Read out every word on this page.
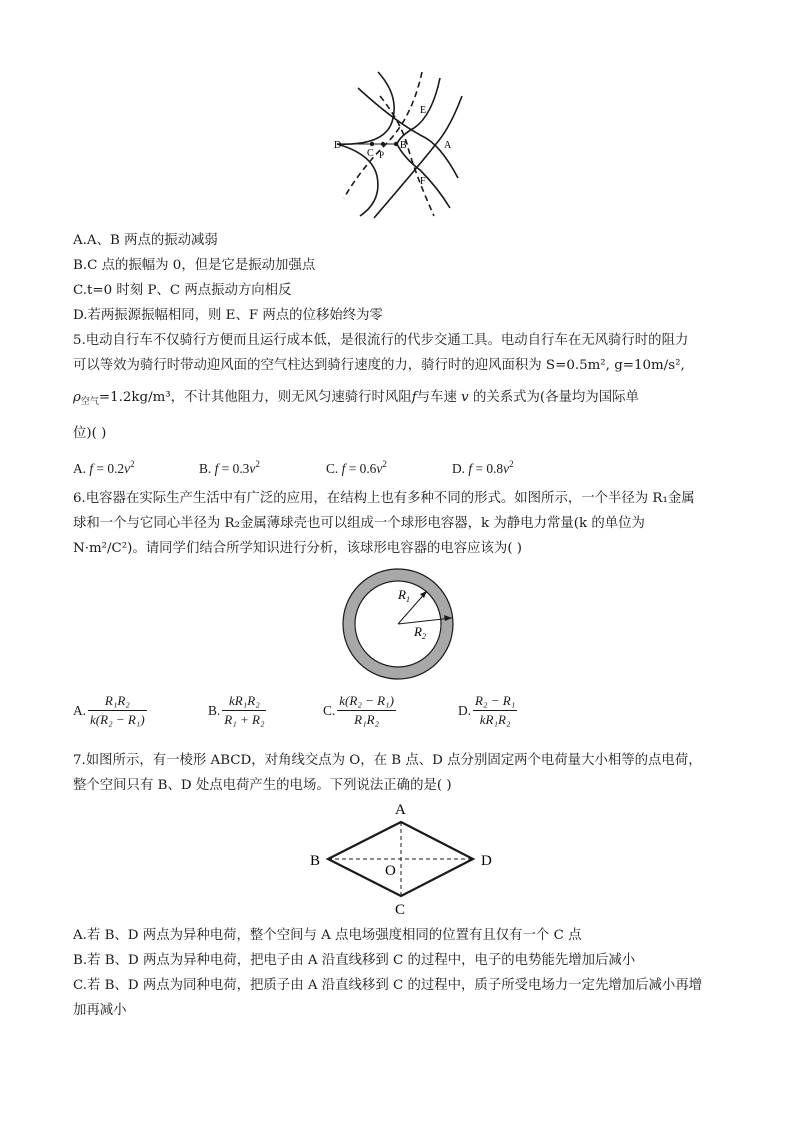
D
C P
B	A
E
F
A.A、B 两点的振动减弱
B.C 点的振幅为 0，但是它是振动加强点
C.t=0 时刻 P、C 两点振动方向相反
D.若两振源振幅相同，则 E、F 两点的位移始终为零
5.电动自行车不仅骑行方便而且运行成本低，是很流行的代步交通工具。电动自行车在无风骑行时的阻力
可以等效为骑行时带动迎风面的空气柱达到骑行速度的力，骑行时的迎风面积为 S=0.5m², g=10m/s²,
$\rho_{空气}=1.2kg/m^3$，不计其他阻力，则无风匀速骑行时风阻f与车速 v 的关系式为(各量均为国际单
位)( )
A. $f = 0.2v^2$	B. $f = 0.3v^2$	C. $f = 0.6v^2$	D. $f = 0.8v^2$
6.电容器在实际生产生活中有广泛的应用，在结构上也有多种不同的形式。如图所示，一个半径为 R₁金属
球和一个与它同心半径为 R₂金属薄球壳也可以组成一个球形电容器，k 为静电力常量(k 的单位为
N·m²/C²)。请同学们结合所学知识进行分析，该球形电容器的电容应该为( )
$R_1$
$R_2$
A. $\frac{\text{R₁R₂}}{\text{k(R₂ − R₁)}}$	B. $\frac{\text{kR₁R₂}}{\text{R₁ + R₂}}$	C. $\frac{\text{k(R₂ − R₁)}}{\text{R₁R₂}}$	D. $\frac{\text{R₂ − R₁}}{\text{kR₁R₂}}$
7.如图所示，有一棱形 ABCD，对角线交点为 O，在 B 点、D 点分别固定两个电荷量大小相等的点电荷，
整个空间只有 B、D 处点电荷产生的电场。下列说法正确的是( )
A
B	D
C
O
A.若 B、D 两点为异种电荷，整个空间与 A 点电场强度相同的位置有且仅有一个 C 点
B.若 B、D 两点为异种电荷，把电子由 A 沿直线移到 C 的过程中，电子的电势能先增加后减小
C.若 B、D 两点为同种电荷，把质子由 A 沿直线移到 C 的过程中，质子所受电场力一定先增加后减小再增
加再减小
